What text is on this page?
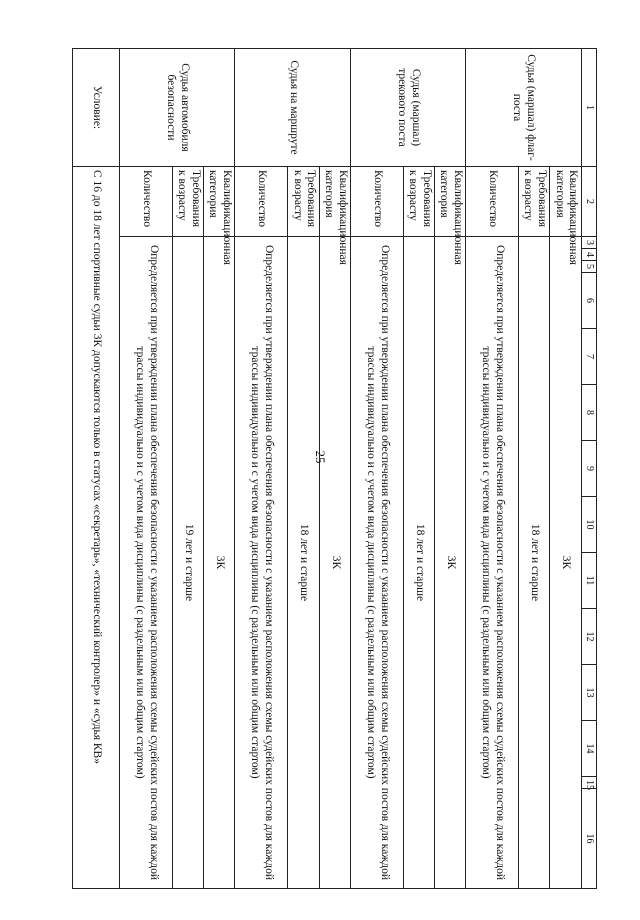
25
1	2	3	4	5	6	7	8	9	10	11	12	13	14	15	16
Судья (маршал) флаг-поста	Квалификационная категория	3К													
	Требования к возрасту	18 лет и старше													
	Количество	Определяется при утверждении плана обеспечения безопасности с указанием расположения схемы судейских постов для каждой трассы индивидуально и с учетом вида дисциплины (с раздельным или общим стартом)													
Судья (маршал) трекового поста	Квалификационная категория	3К													
	Требования к возрасту	18 лет и старше													
	Количество	Определяется при утверждении плана обеспечения безопасности с указанием расположения схемы судейских постов для каждой трассы индивидуально и с учетом вида дисциплины (с раздельным или общим стартом)													
Судья на маршруте	Квалификационная категория	3К													
	Требования к возрасту	18 лет и старше													
	Количество	Определяется при утверждении плана обеспечения безопасности с указанием расположения схемы судейских постов для каждой трассы индивидуально и с учетом вида дисциплины (с раздельным или общим стартом)													
Судья автомобиля безопасности	Квалификационная категория	3К													
	Требования к возрасту	19 лет и старше													
	Количество	Определяется при утверждении плана обеспечения безопасности с указанием расположения схемы судейских постов для каждой трассы индивидуально и с учетом вида дисциплины (с раздельным или общим стартом)													
Условие:	С 16 до 18 лет спортивные судьи 3К допускаются только в статусах «секретарь», «технический контролер» и «судья КВ»														
